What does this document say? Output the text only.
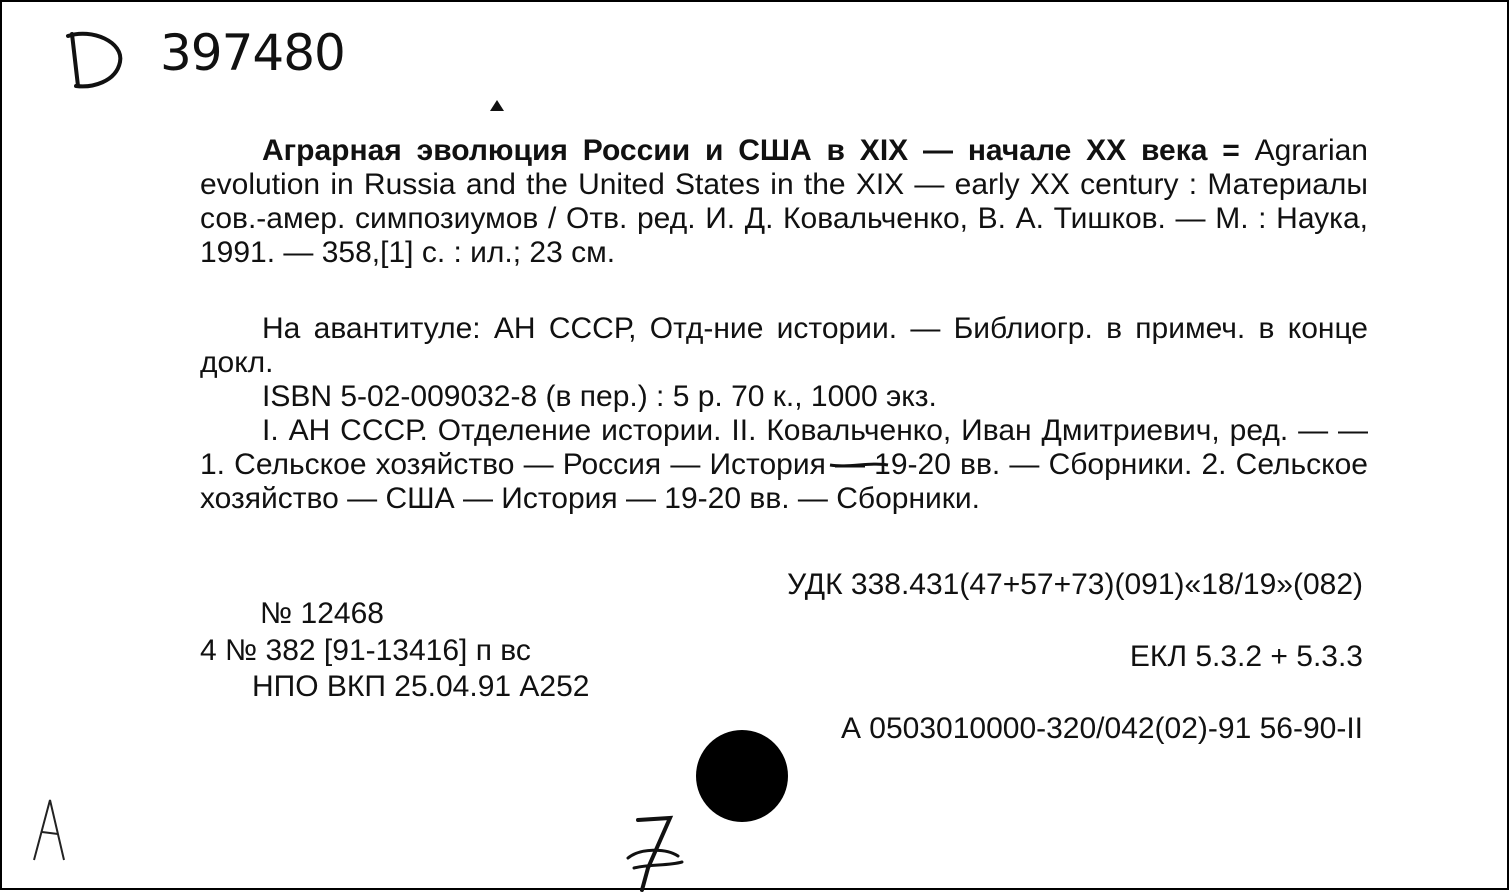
397480

Аграрная эволюция России и США в XIX — начале XX века = Agrarian evolution in Russia and the United States in the XIX — early XX century : Материалы сов.-амер. симпозиумов / Отв. ред. И. Д. Ковальченко, В. А. Тишков. — М. : Наука, 1991. — 358,[1] с. : ил.; 23 см.

На авантитуле: АН СССР, Отд-ние истории. — Библиогр. в примеч. в конце докл.

ISBN 5-02-009032-8 (в пер.) : 5 р. 70 к., 1000 экз.

I. АН СССР. Отделение истории. II. Ковальченко, Иван Дмитриевич, ред. — — 1. Сельское хозяйство — Россия — История — 19-20 вв. — Сборники. 2. Сельское хозяйство — США — История — 19-20 вв. — Сборники.

УДК 338.431(47+57+73)(091)«18/19»(082)
№ 12468
4 № 382 [91-13416] п вс	ЕКЛ 5.3.2 + 5.3.3
НПО ВКП 25.04.91 А252
А 0503010000-320/042(02)-91 56-90-II
